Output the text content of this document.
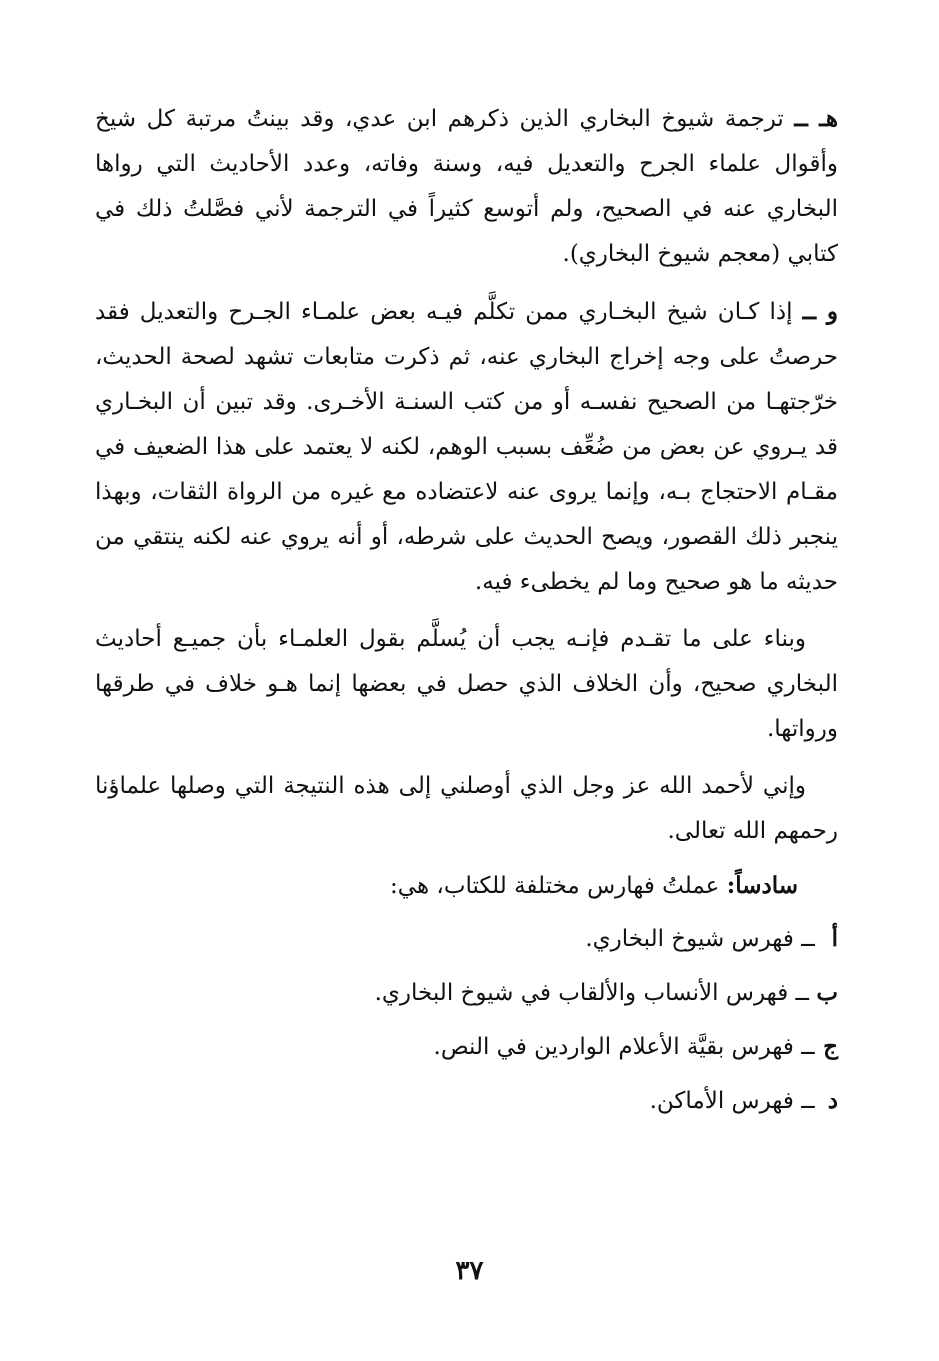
هـ ــ ترجمة شيوخ البخاري الذين ذكرهم ابن عدي، وقد بينتُ مرتبة كل شيخ وأقوال علماء الجرح والتعديل فيه، وسنة وفاته، وعدد الأحاديث التي رواها البخاري عنه في الصحيح، ولم أتوسع كثيراً في الترجمة لأني فصَّلتُ ذلك في كتابي (معجم شيوخ البخاري).

و ــ إذا كـان شيخ البخـاري ممن تكلَّم فيـه بعض علمـاء الجـرح والتعديل فقد حرصتُ على وجه إخراج البخاري عنه، ثم ذكرت متابعات تشهد لصحة الحديث، خرّجتهـا من الصحيح نفسـه أو من كتب السنـة الأخـرى. وقد تبين أن البخـاري قد يـروي عن بعض من ضُعِّف بسبب الوهم، لكنه لا يعتمد على هذا الضعيف في مقـام الاحتجاج بـه، وإنما يروى عنه لاعتضاده مع غيره من الرواة الثقات، وبهذا ينجبر ذلك القصور، ويصح الحديث على شرطه، أو أنه يروي عنه لكنه ينتقي من حديثه ما هو صحيح وما لم يخطىء فيه.

وبناء على ما تقـدم فإنـه يجب أن يُسلَّم بقول العلمـاء بأن جميـع أحاديث البخاري صحيح، وأن الخلاف الذي حصل في بعضها إنما هـو خلاف في طرقها ورواتها.

وإني لأحمد الله عز وجل الذي أوصلني إلى هذه النتيجة التي وصلها علماؤنا رحمهم الله تعالى.

سادساً: عملتُ فهارس مختلفة للكتاب، هي:

أ ــ فهرس شيوخ البخاري.
ب ــ فهرس الأنساب والألقاب في شيوخ البخاري.
ج ــ فهرس بقيَّة الأعلام الواردين في النص.
د ــ فهرس الأماكن.
٣٧
